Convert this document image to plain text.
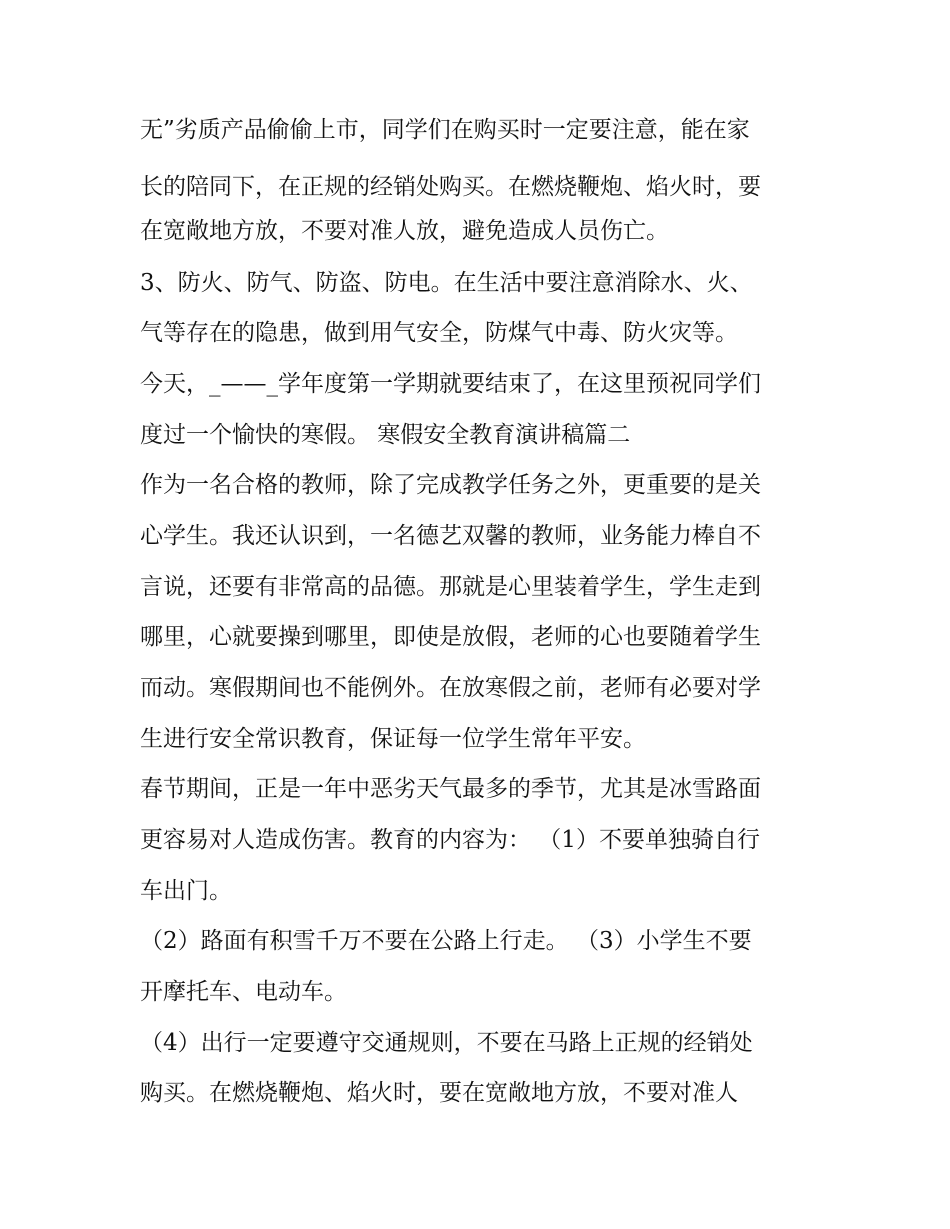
无”劣质产品偷偷上市，同学们在购买时一定要注意，能在家
长的陪同下，在正规的经销处购买。在燃烧鞭炮、焰火时，要
在宽敞地方放，不要对准人放，避免造成人员伤亡。
3、防火、防气、防盗、防电。在生活中要注意消除水、火、
气等存在的隐患，做到用气安全，防煤气中毒、防火灾等。
今天，_——_学年度第一学期就要结束了，在这里预祝同学们
度过一个愉快的寒假。 寒假安全教育演讲稿篇二
作为一名合格的教师，除了完成教学任务之外，更重要的是关
心学生。我还认识到，一名德艺双馨的教师，业务能力棒自不
言说，还要有非常高的品德。那就是心里装着学生，学生走到
哪里，心就要操到哪里，即使是放假，老师的心也要随着学生
而动。寒假期间也不能例外。在放寒假之前，老师有必要对学
生进行安全常识教育，保证每一位学生常年平安。
春节期间，正是一年中恶劣天气最多的季节，尤其是冰雪路面
更容易对人造成伤害。教育的内容为： （1）不要单独骑自行
车出门。
（2）路面有积雪千万不要在公路上行走。 （3）小学生不要
开摩托车、电动车。
（4）出行一定要遵守交通规则，不要在马路上正规的经销处
购买。在燃烧鞭炮、焰火时，要在宽敞地方放，不要对准人
